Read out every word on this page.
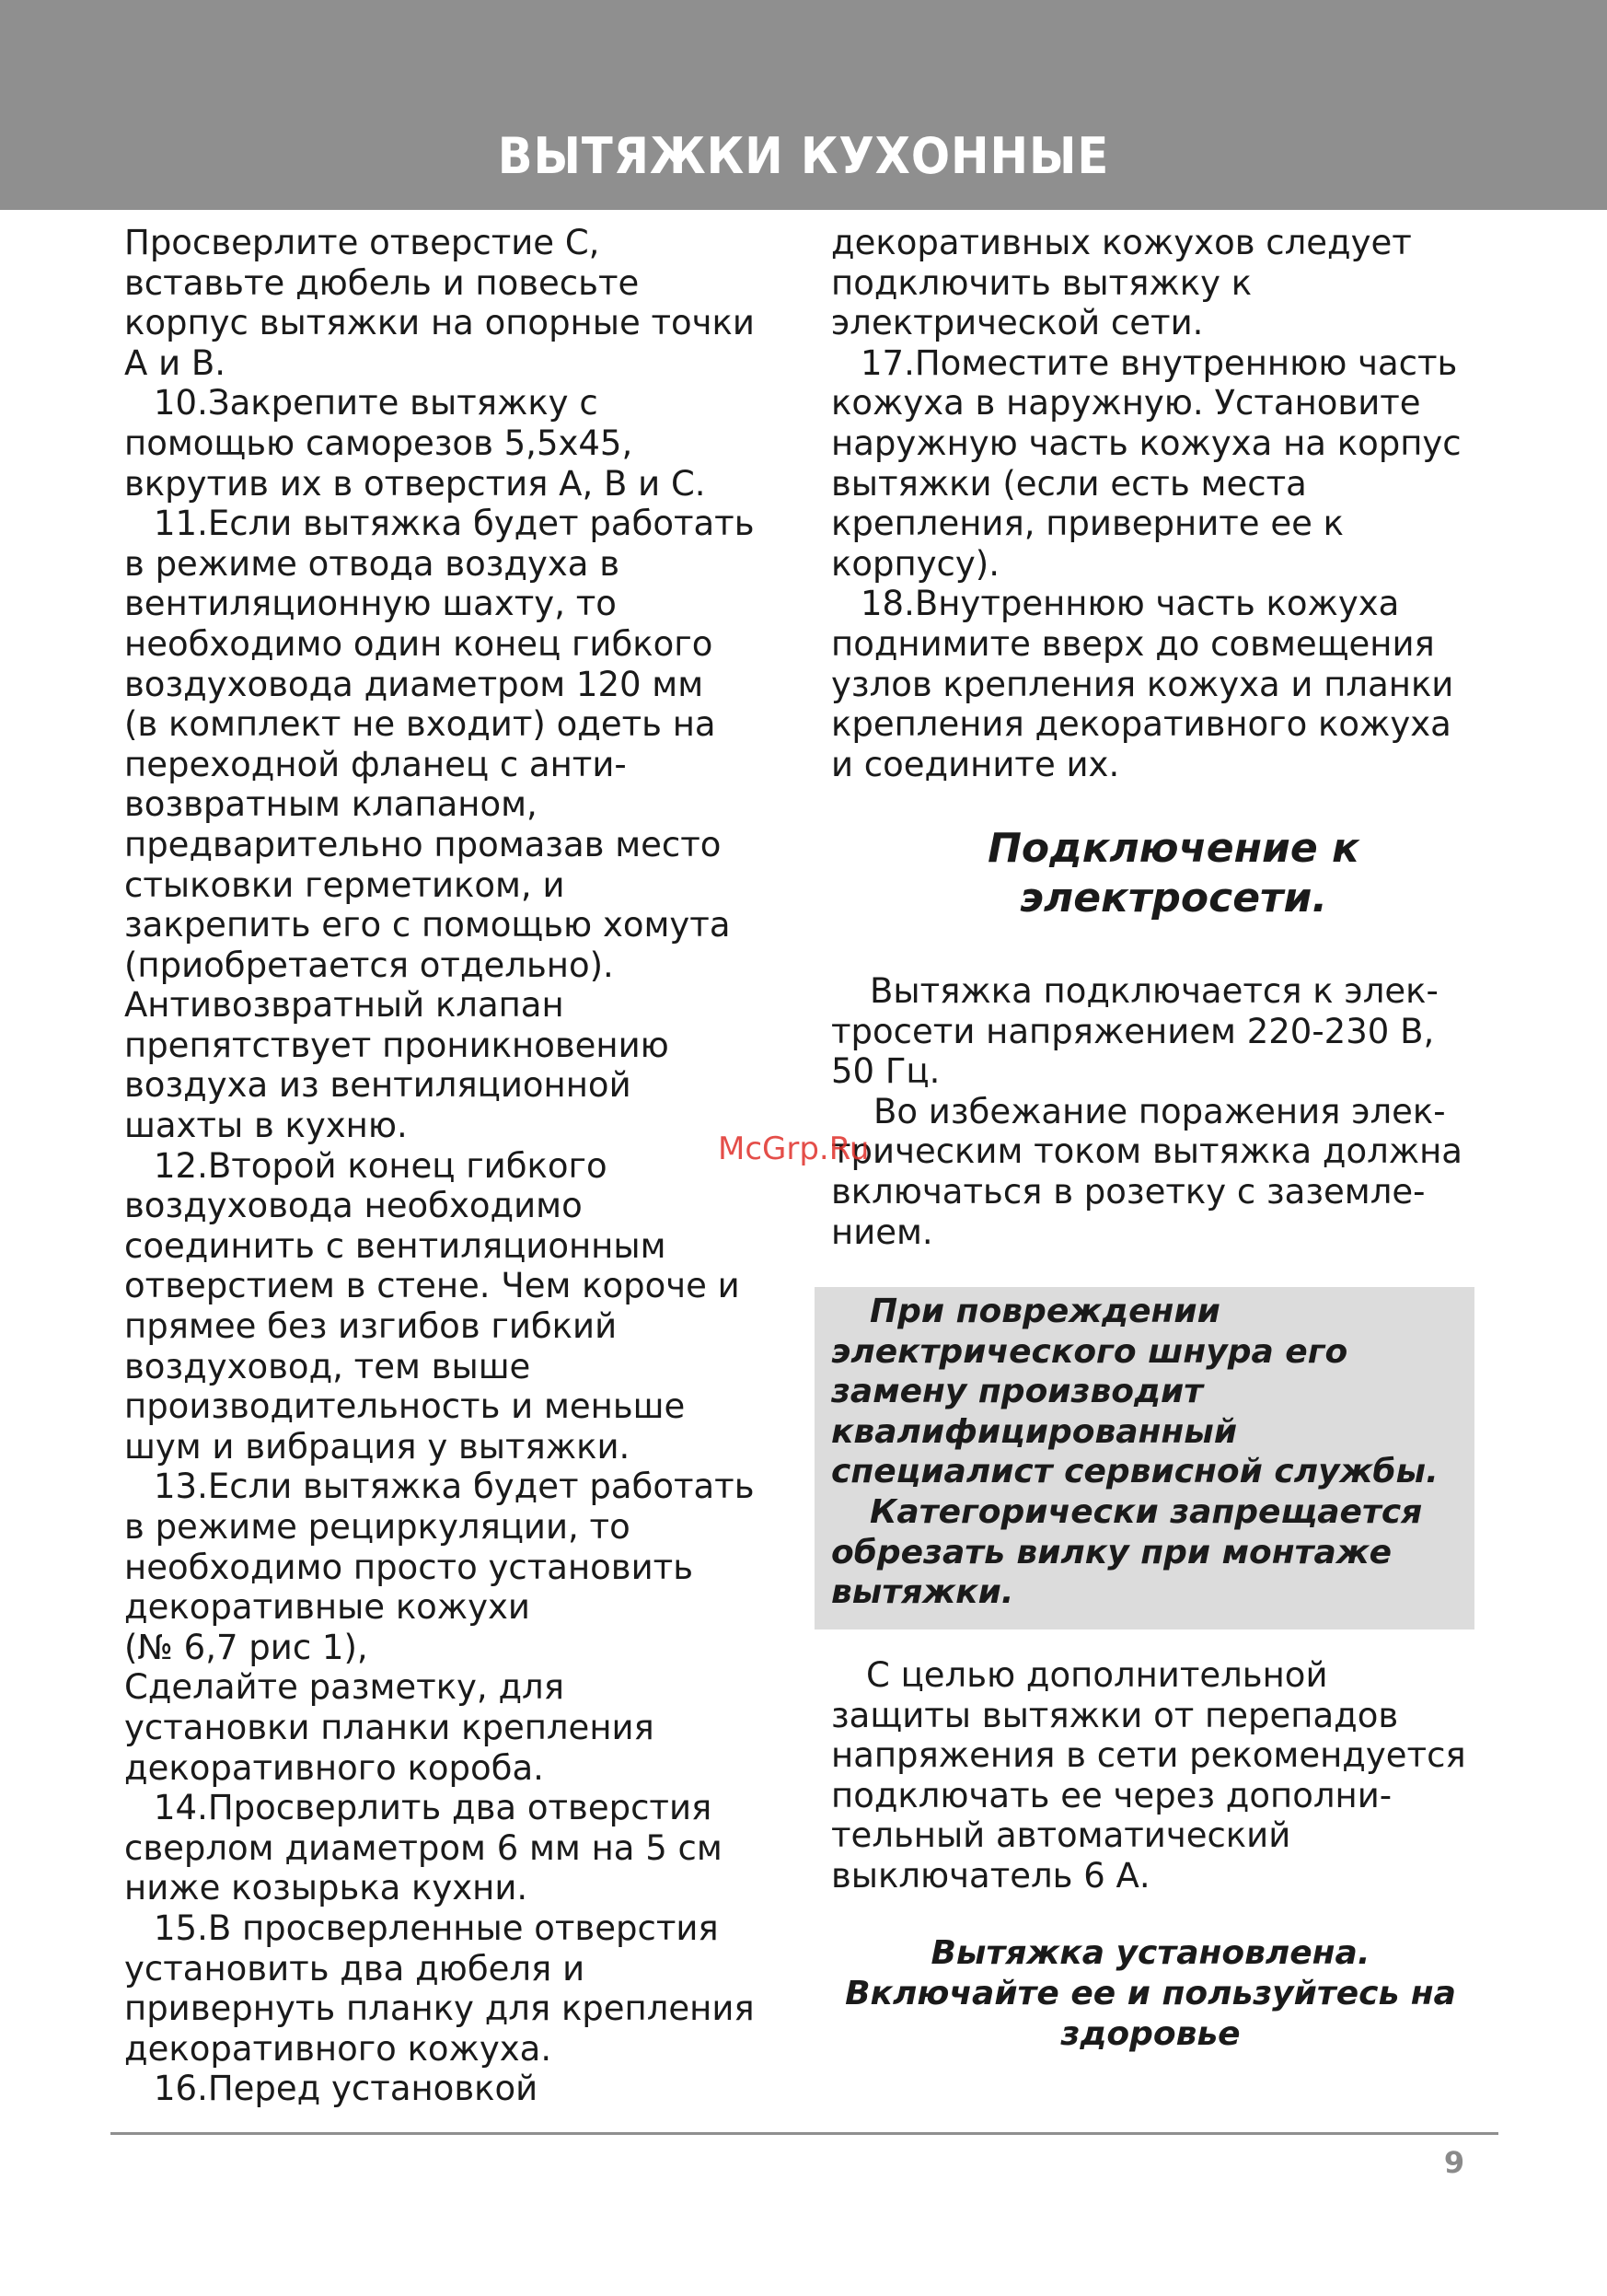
ВЫТЯЖКИ КУХОННЫЕ
Просверлите отверстие С,
вставьте дюбель и повесьте
корпус вытяжки на опорные точки
А и В.
10.Закрепите вытяжку с
помощью саморезов 5,5х45,
вкрутив их в отверстия А, В и С.
11.Если вытяжка будет работать
в режиме отвода воздуха в
вентиляционную шахту, то
необходимо один конец гибкого
воздуховода диаметром 120 мм
(в комплект не входит) одеть на
переходной фланец с анти-
возвратным клапаном,
предварительно промазав место
стыковки герметиком, и
закрепить его с помощью хомута
(приобретается отдельно).
Антивозвратный клапан
препятствует проникновению
воздуха из вентиляционной
шахты в кухню.
12.Второй конец гибкого
воздуховода необходимо
соединить с вентиляционным
отверстием в стене. Чем короче и
прямее без изгибов гибкий
воздуховод, тем выше
производительность и меньше
шум и вибрация у вытяжки.
13.Если вытяжка будет работать
в режиме рециркуляции, то
необходимо просто установить
декоративные кожухи
(№ 6,7 рис 1),
Сделайте разметку, для
установки планки крепления
декоративного короба.
14.Просверлить два отверстия
сверлом диаметром 6 мм на 5 см
ниже козырька кухни.
15.В просверленные отверстия
установить два дюбеля и
привернуть планку для крепления
декоративного кожуха.
16.Перед установкой
декоративных кожухов следует
подключить вытяжку к
электрической сети.
17.Поместите внутреннюю часть
кожуха в наружную. Установите
наружную часть кожуха на корпус
вытяжки (если есть места
крепления, приверните ее к
корпусу).
18.Внутреннюю часть кожуха
поднимите вверх до совмещения
узлов крепления кожуха и планки
крепления декоративного кожуха
и соедините их.
Подключение к
электросети.
Вытяжка подключается к элек-
тросети напряжением 220-230 В,
50 Гц.
Во избежание поражения элек-
трическим током вытяжка должна
включаться в розетку с заземле-
нием.
McGrp.Ru
При повреждении
электрического шнура его
замену производит
квалифицированный
специалист сервисной службы.
Категорически запрещается
обрезать вилку при монтаже
вытяжки.
С целью дополнительной
защиты вытяжки от перепадов
напряжения в сети рекомендуется
подключать ее через дополни-
тельный автоматический
выключатель 6 А.
Вытяжка установлена.
Включайте ее и пользуйтесь на
здоровье
9
